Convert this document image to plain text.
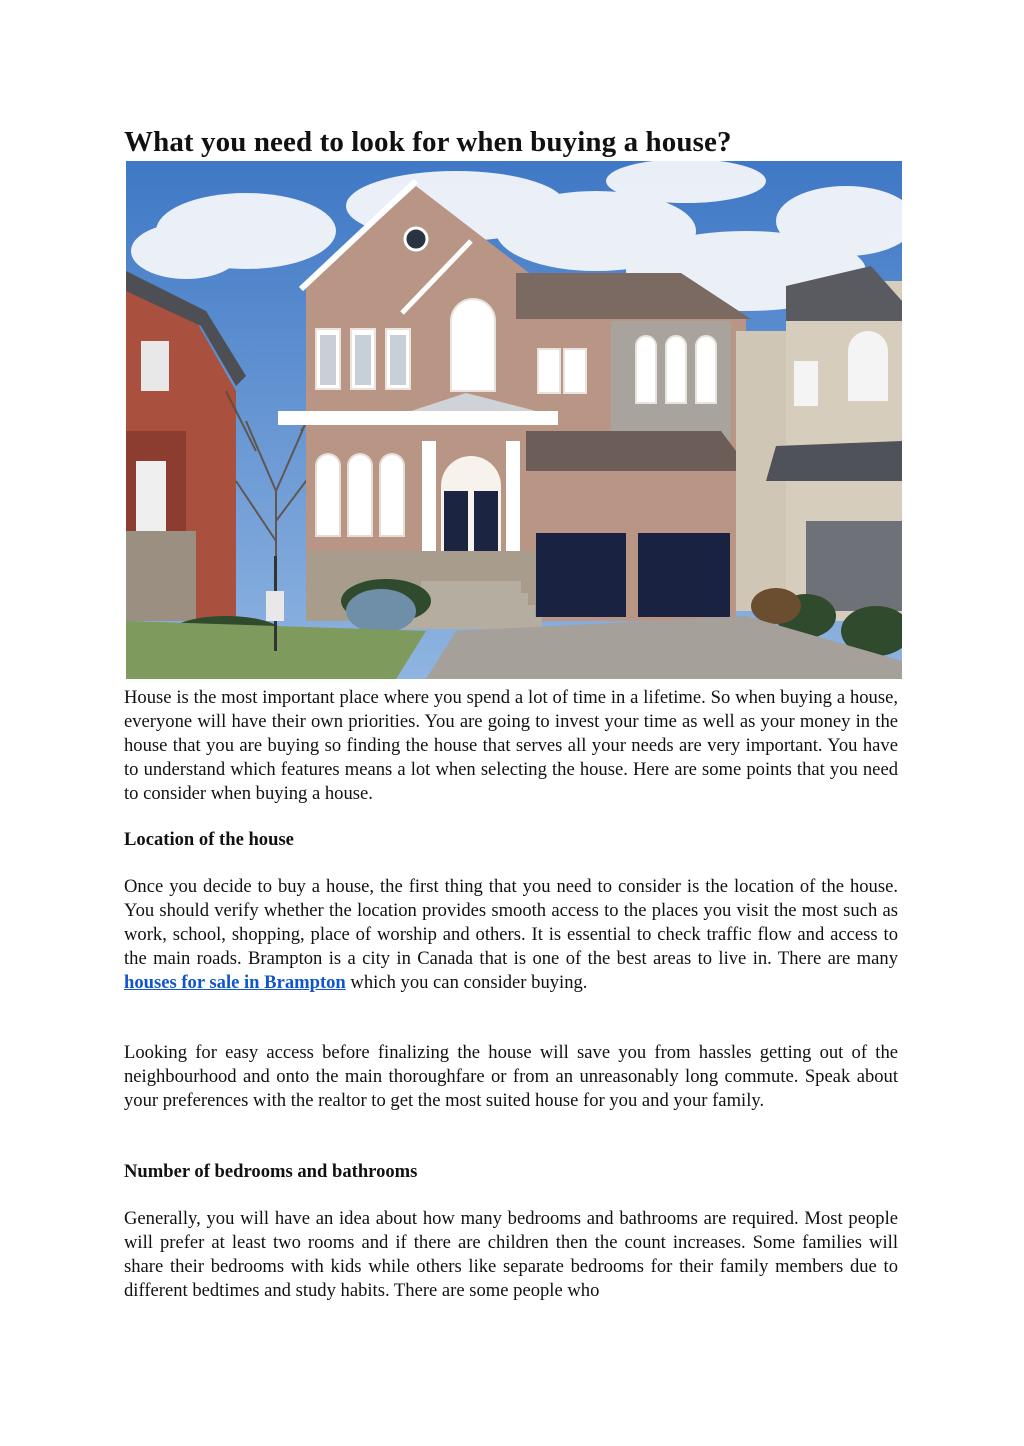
What you need to look for when buying a house?

House is the most important place where you spend a lot of time in a lifetime. So when buying a house, everyone will have their own priorities. You are going to invest your time as well as your money in the house that you are buying so finding the house that serves all your needs are very important. You have to understand which features means a lot when selecting the house. Here are some points that you need to consider when buying a house.

Location of the house

Once you decide to buy a house, the first thing that you need to consider is the location of the house. You should verify whether the location provides smooth access to the places you visit the most such as work, school, shopping, place of worship and others. It is essential to check traffic flow and access to the main roads. Brampton is a city in Canada that is one of the best areas to live in. There are many houses for sale in Brampton which you can consider buying.

Looking for easy access before finalizing the house will save you from hassles getting out of the neighbourhood and onto the main thoroughfare or from an unreasonably long commute. Speak about your preferences with the realtor to get the most suited house for you and your family.

Number of bedrooms and bathrooms

Generally, you will have an idea about how many bedrooms and bathrooms are required. Most people will prefer at least two rooms and if there are children then the count increases. Some families will share their bedrooms with kids while others like separate bedrooms for their family members due to different bedtimes and study habits. There are some people who
